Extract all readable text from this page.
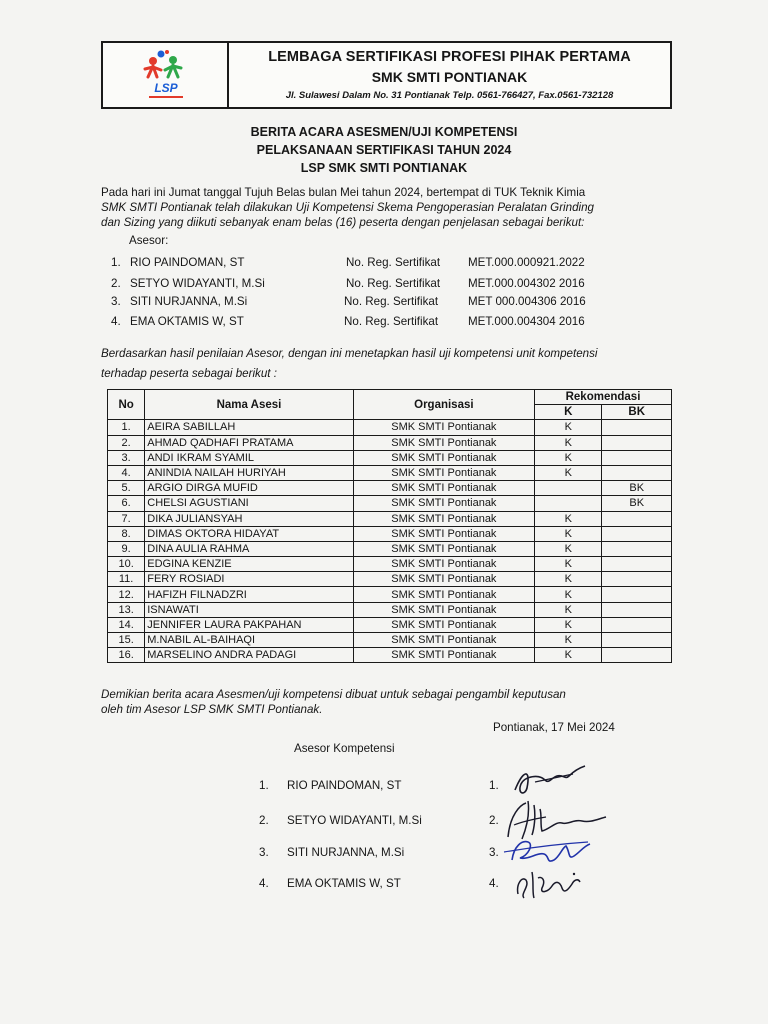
LSP
LEMBAGA SERTIFIKASI PROFESI PIHAK PERTAMA
SMK SMTI PONTIANAK
Jl. Sulawesi Dalam No. 31 Pontianak Telp. 0561-766427, Fax.0561-732128
BERITA ACARA ASESMEN/UJI KOMPETENSI
PELAKSANAAN SERTIFIKASI TAHUN 2024
LSP SMK SMTI PONTIANAK
Pada hari ini Jumat tanggal Tujuh Belas bulan Mei tahun 2024, bertempat di TUK Teknik Kimia
SMK SMTI Pontianak telah dilakukan Uji Kompetensi Skema Pengoperasian Peralatan Grinding
dan Sizing yang diikuti sebanyak enam belas (16) peserta dengan penjelasan sebagai berikut:
Asesor:
1. RIO PAINDOMAN, ST	No. Reg. Sertifikat MET.000.000921.2022
2. SETYO WIDAYANTI, M.Si	No. Reg. Sertifikat MET.000.004302 2016
3. SITI NURJANNA, M.Si	No. Reg. Sertifikat	MET 000.004306 2016
4. EMA OKTAMIS W, ST	No. Reg. Sertifikat	MET.000.004304 2016
Berdasarkan hasil penilaian Asesor, dengan ini menetapkan hasil uji kompetensi unit kompetensi
terhadap peserta sebagai berikut :
No	Nama Asesi	Organisasi	Rekomendasi	
			K	BK
1.	AEIRA SABILLAH	SMK SMTI Pontianak	K	
2.	AHMAD QADHAFI PRATAMA	SMK SMTI Pontianak	K	
3.	ANDI IKRAM SYAMIL	SMK SMTI Pontianak	K	
4.	ANINDIA NAILAH HURIYAH	SMK SMTI Pontianak	K	
5.	ARGIO DIRGA MUFID	SMK SMTI Pontianak		BK
6.	CHELSI AGUSTIANI	SMK SMTI Pontianak		BK
7.	DIKA JULIANSYAH	SMK SMTI Pontianak	K	
8.	DIMAS OKTORA HIDAYAT	SMK SMTI Pontianak	K	
9.	DINA AULIA RAHMA	SMK SMTI Pontianak	K	
10.	EDGINA KENZIE	SMK SMTI Pontianak	K	
11.	FERY ROSIADI	SMK SMTI Pontianak	K	
12.	HAFIZH FILNADZRI	SMK SMTI Pontianak	K	
13.	ISNAWATI	SMK SMTI Pontianak	K	
14.	JENNIFER LAURA PAKPAHAN	SMK SMTI Pontianak	K	
15.	M.NABIL AL-BAIHAQI	SMK SMTI Pontianak	K	
16.	MARSELINO ANDRA PADAGI	SMK SMTI Pontianak	K	
Demikian berita acara Asesmen/uji kompetensi dibuat untuk sebagai pengambil keputusan
oleh tim Asesor LSP SMK SMTI Pontianak.
Pontianak, 17 Mei 2024
Asesor Kompetensi
1. RIO PAINDOMAN, ST	1.
2. SETYO WIDAYANTI, M.Si	2.
3. SITI NURJANNA, M.Si	3.
4. EMA OKTAMIS W, ST	4.
